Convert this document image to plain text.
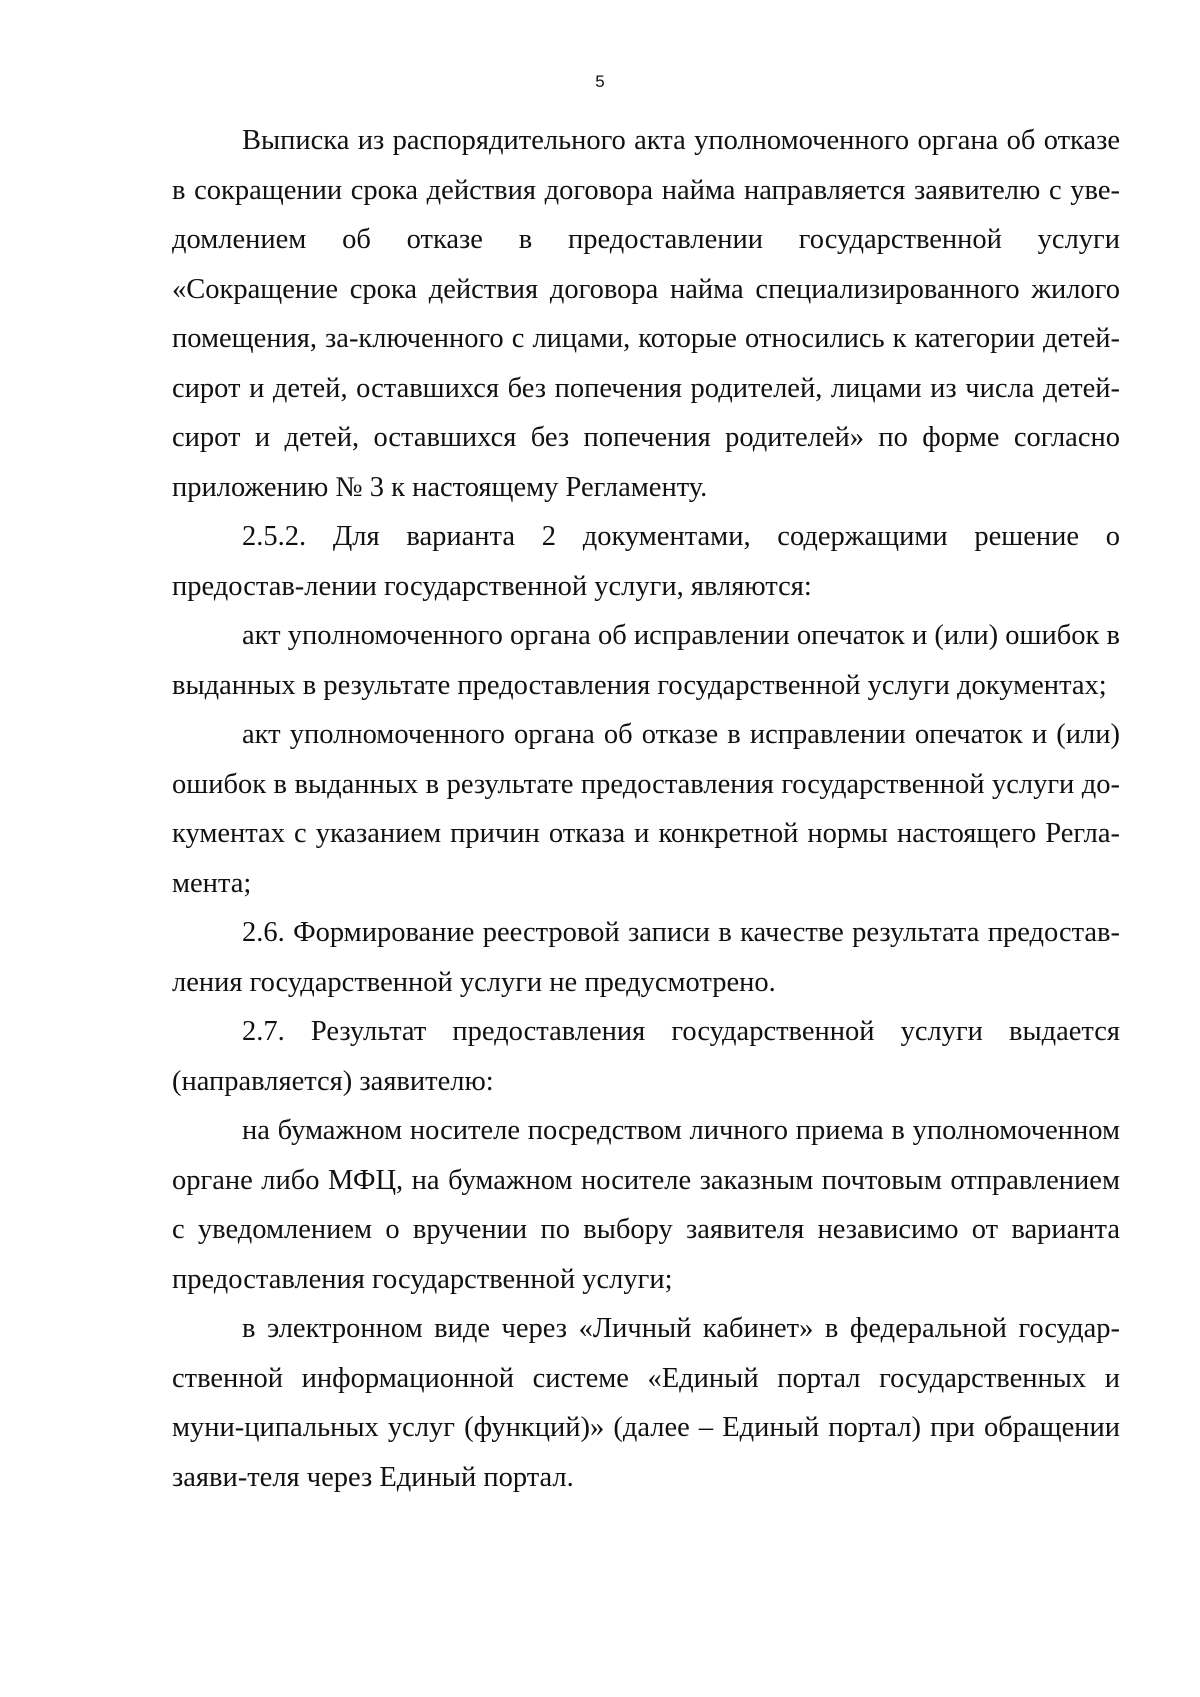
5

Выписка из распорядительного акта уполномоченного органа об отказе в сокращении срока действия договора найма направляется заявителю с уве-домлением об отказе в предоставлении государственной услуги «Сокращение срока действия договора найма специализированного жилого помещения, за-ключенного с лицами, которые относились к категории детей-сирот и детей, оставшихся без попечения родителей, лицами из числа детей-сирот и детей, оставшихся без попечения родителей» по форме согласно приложению № 3 к настоящему Регламенту.

2.5.2. Для варианта 2 документами, содержащими решение о предостав-лении государственной услуги, являются:

акт уполномоченного органа об исправлении опечаток и (или) ошибок в выданных в результате предоставления государственной услуги документах;

акт уполномоченного органа об отказе в исправлении опечаток и (или) ошибок в выданных в результате предоставления государственной услуги до-кументах с указанием причин отказа и конкретной нормы настоящего Регла-мента;

2.6. Формирование реестровой записи в качестве результата предостав-ления государственной услуги не предусмотрено.

2.7. Результат предоставления государственной услуги выдается (направляется) заявителю:

на бумажном носителе посредством личного приема в уполномоченном органе либо МФЦ, на бумажном носителе заказным почтовым отправлением с уведомлением о вручении по выбору заявителя независимо от варианта предоставления государственной услуги;

в электронном виде через «Личный кабинет» в федеральной государ-ственной информационной системе «Единый портал государственных и муни-ципальных услуг (функций)» (далее – Единый портал) при обращении заяви-теля через Единый портал.
